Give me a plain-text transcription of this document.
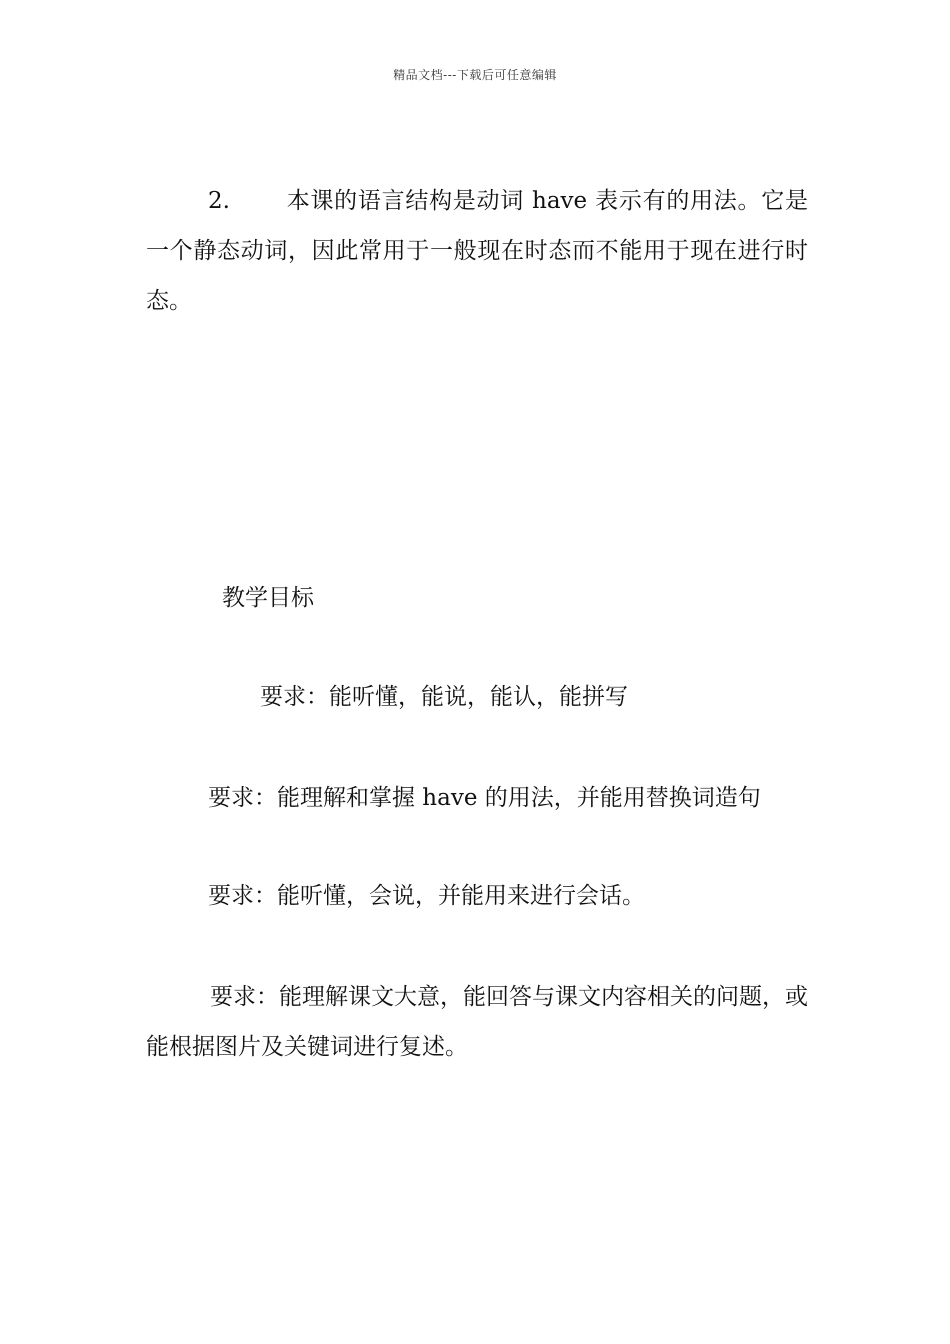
精品文档---下载后可任意编辑

2. 本课的语言结构是动词 have 表示有的用法。它是一个静态动词，因此常用于一般现在时态而不能用于现在进行时态。

教学目标

要求：能听懂，能说，能认，能拼写

要求：能理解和掌握 have 的用法，并能用替换词造句

要求：能听懂，会说，并能用来进行会话。

要求：能理解课文大意，能回答与课文内容相关的问题，或能根据图片及关键词进行复述。
